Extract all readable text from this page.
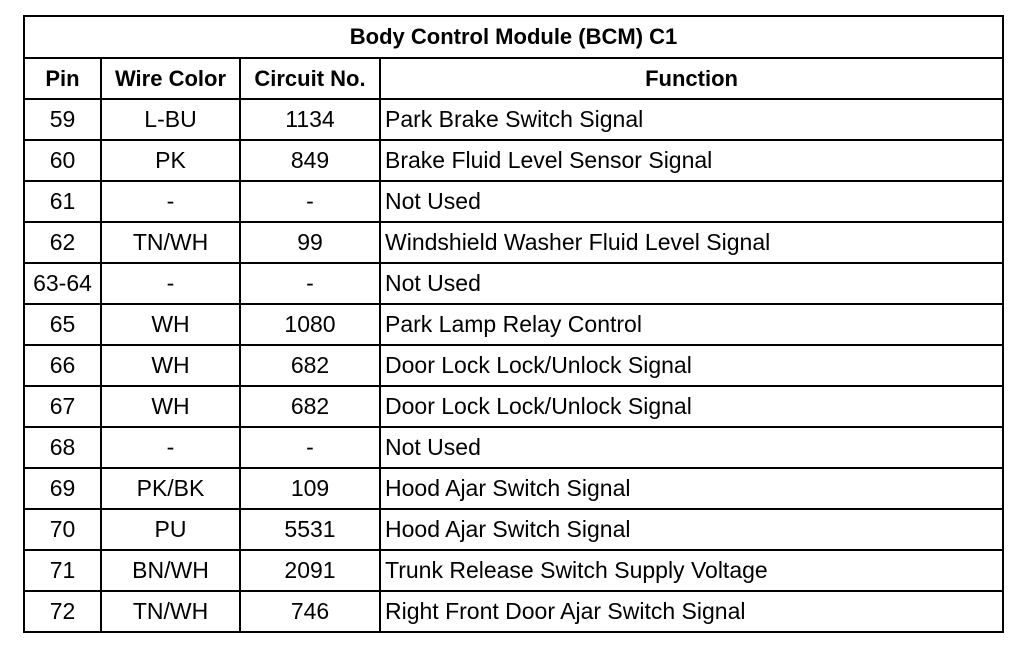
Body Control Module (BCM) C1			
Pin	Wire Color	Circuit No.	Function
59	L-BU	1134	Park Brake Switch Signal
60	PK	849	Brake Fluid Level Sensor Signal
61	-	-	Not Used
62	TN/WH	99	Windshield Washer Fluid Level Signal
63-64	-	-	Not Used
65	WH	1080	Park Lamp Relay Control
66	WH	682	Door Lock Lock/Unlock Signal
67	WH	682	Door Lock Lock/Unlock Signal
68	-	-	Not Used
69	PK/BK	109	Hood Ajar Switch Signal
70	PU	5531	Hood Ajar Switch Signal
71	BN/WH	2091	Trunk Release Switch Supply Voltage
72	TN/WH	746	Right Front Door Ajar Switch Signal
